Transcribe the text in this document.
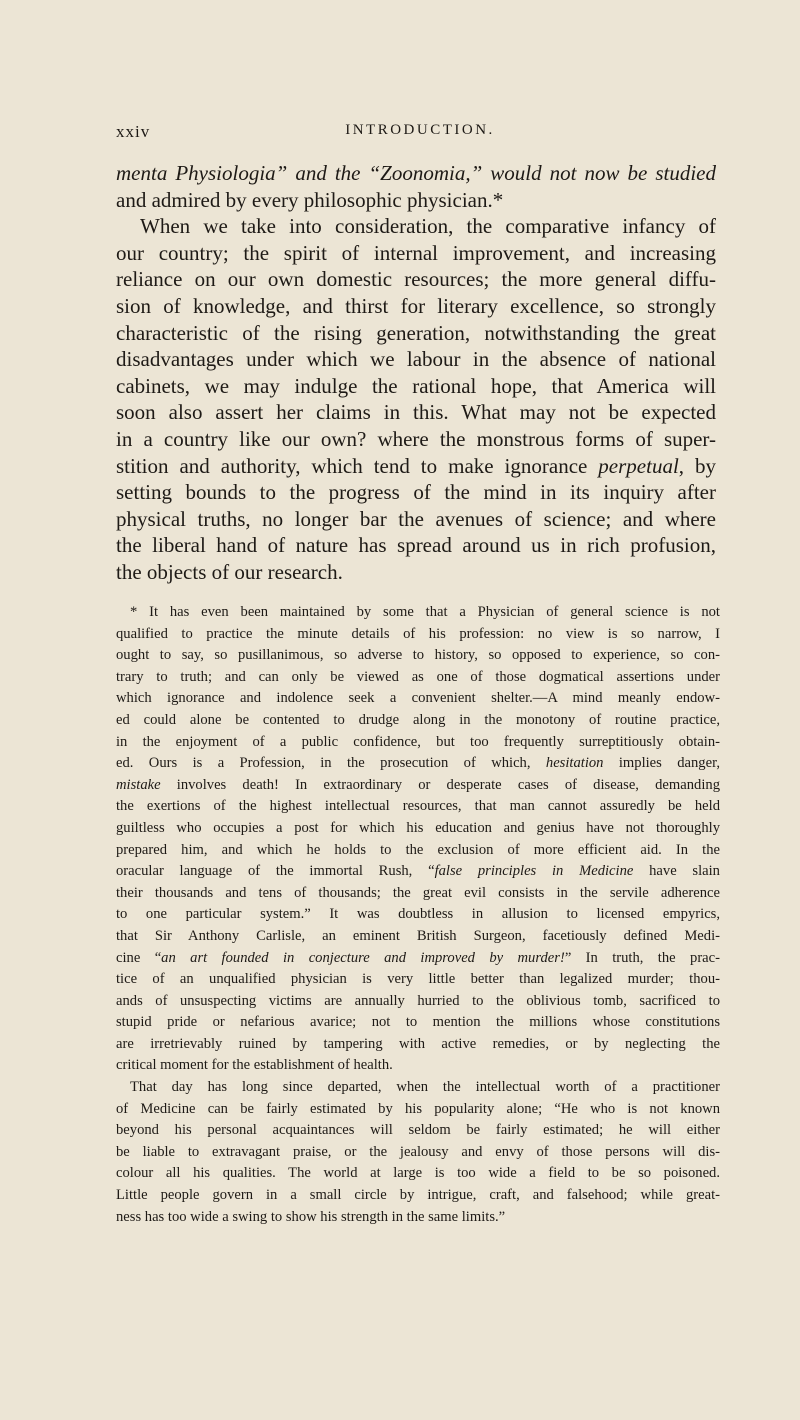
xxiv	INTRODUCTION.
menta Physiologia” and the “Zoonomia,” would not now be studied
and admired by every philosophic physician.*
When we take into consideration, the comparative infancy of
our country; the spirit of internal improvement, and increasing
reliance on our own domestic resources; the more general diffu-
sion of knowledge, and thirst for literary excellence, so strongly
characteristic of the rising generation, notwithstanding the great
disadvantages under which we labour in the absence of national
cabinets, we may indulge the rational hope, that America will
soon also assert her claims in this. What may not be expected
in a country like our own? where the monstrous forms of super-
stition and authority, which tend to make ignorance perpetual, by
setting bounds to the progress of the mind in its inquiry after
physical truths, no longer bar the avenues of science; and where
the liberal hand of nature has spread around us in rich profusion,
the objects of our research.
* It has even been maintained by some that a Physician of general science is not
qualified to practice the minute details of his profession: no view is so narrow, I
ought to say, so pusillanimous, so adverse to history, so opposed to experience, so con-
trary to truth; and can only be viewed as one of those dogmatical assertions under
which ignorance and indolence seek a convenient shelter.—A mind meanly endow-
ed could alone be contented to drudge along in the monotony of routine practice,
in the enjoyment of a public confidence, but too frequently surreptitiously obtain-
ed. Ours is a Profession, in the prosecution of which, hesitation implies danger,
mistake involves death! In extraordinary or desperate cases of disease, demanding
the exertions of the highest intellectual resources, that man cannot assuredly be held
guiltless who occupies a post for which his education and genius have not thoroughly
prepared him, and which he holds to the exclusion of more efficient aid. In the
oracular language of the immortal Rush, “false principles in Medicine have slain
their thousands and tens of thousands; the great evil consists in the servile adherence
to one particular system.” It was doubtless in allusion to licensed empyrics,
that Sir Anthony Carlisle, an eminent British Surgeon, facetiously defined Medi-
cine “an art founded in conjecture and improved by murder!” In truth, the prac-
tice of an unqualified physician is very little better than legalized murder; thou-
ands of unsuspecting victims are annually hurried to the oblivious tomb, sacrificed to
stupid pride or nefarious avarice; not to mention the millions whose constitutions
are irretrievably ruined by tampering with active remedies, or by neglecting the
critical moment for the establishment of health.
That day has long since departed, when the intellectual worth of a practitioner
of Medicine can be fairly estimated by his popularity alone; “He who is not known
beyond his personal acquaintances will seldom be fairly estimated; he will either
be liable to extravagant praise, or the jealousy and envy of those persons will dis-
colour all his qualities. The world at large is too wide a field to be so poisoned.
Little people govern in a small circle by intrigue, craft, and falsehood; while great-
ness has too wide a swing to show his strength in the same limits.”
